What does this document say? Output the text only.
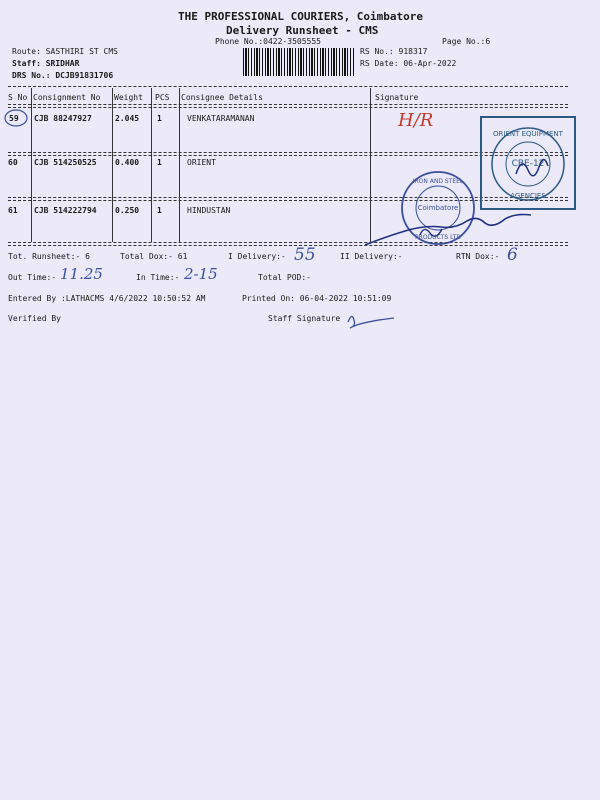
THE PROFESSIONAL COURIERS, Coimbatore
Delivery Runsheet - CMS
Phone No.:0422-3505555	Page No.:6
Route: SASTHIRI ST CMS
Staff: SRIDHAR
DRS No.: DCJB91831706
RS No.: 918317
RS Date: 06-Apr-2022
S No Consignment No Weight PCS Consignee Details	Signature
59 CJB 88247927	2.045 1	VENKATARAMANAN
60 CJB 514250525 0.400 1	ORIENT
61 CJB 514222794 0.250 1	HINDUSTAN
H/R
CBE-12
ORIENT EQUIPMENT
AGENCIES
Coimbatore
IRON AND STEEL
PRODUCTS LTD
Tot. Runsheet:- 6	Total Dox:- 61	I Delivery:- 55	II Delivery:-	RTN Dox:- 6
Out Time:- 11.25	In Time:- 2-15	Total POD:-
Entered By :LATHACMS 4/6/2022 10:50:52 AM	Printed On: 06-04-2022 10:51:09
Verified By	Staff Signature
